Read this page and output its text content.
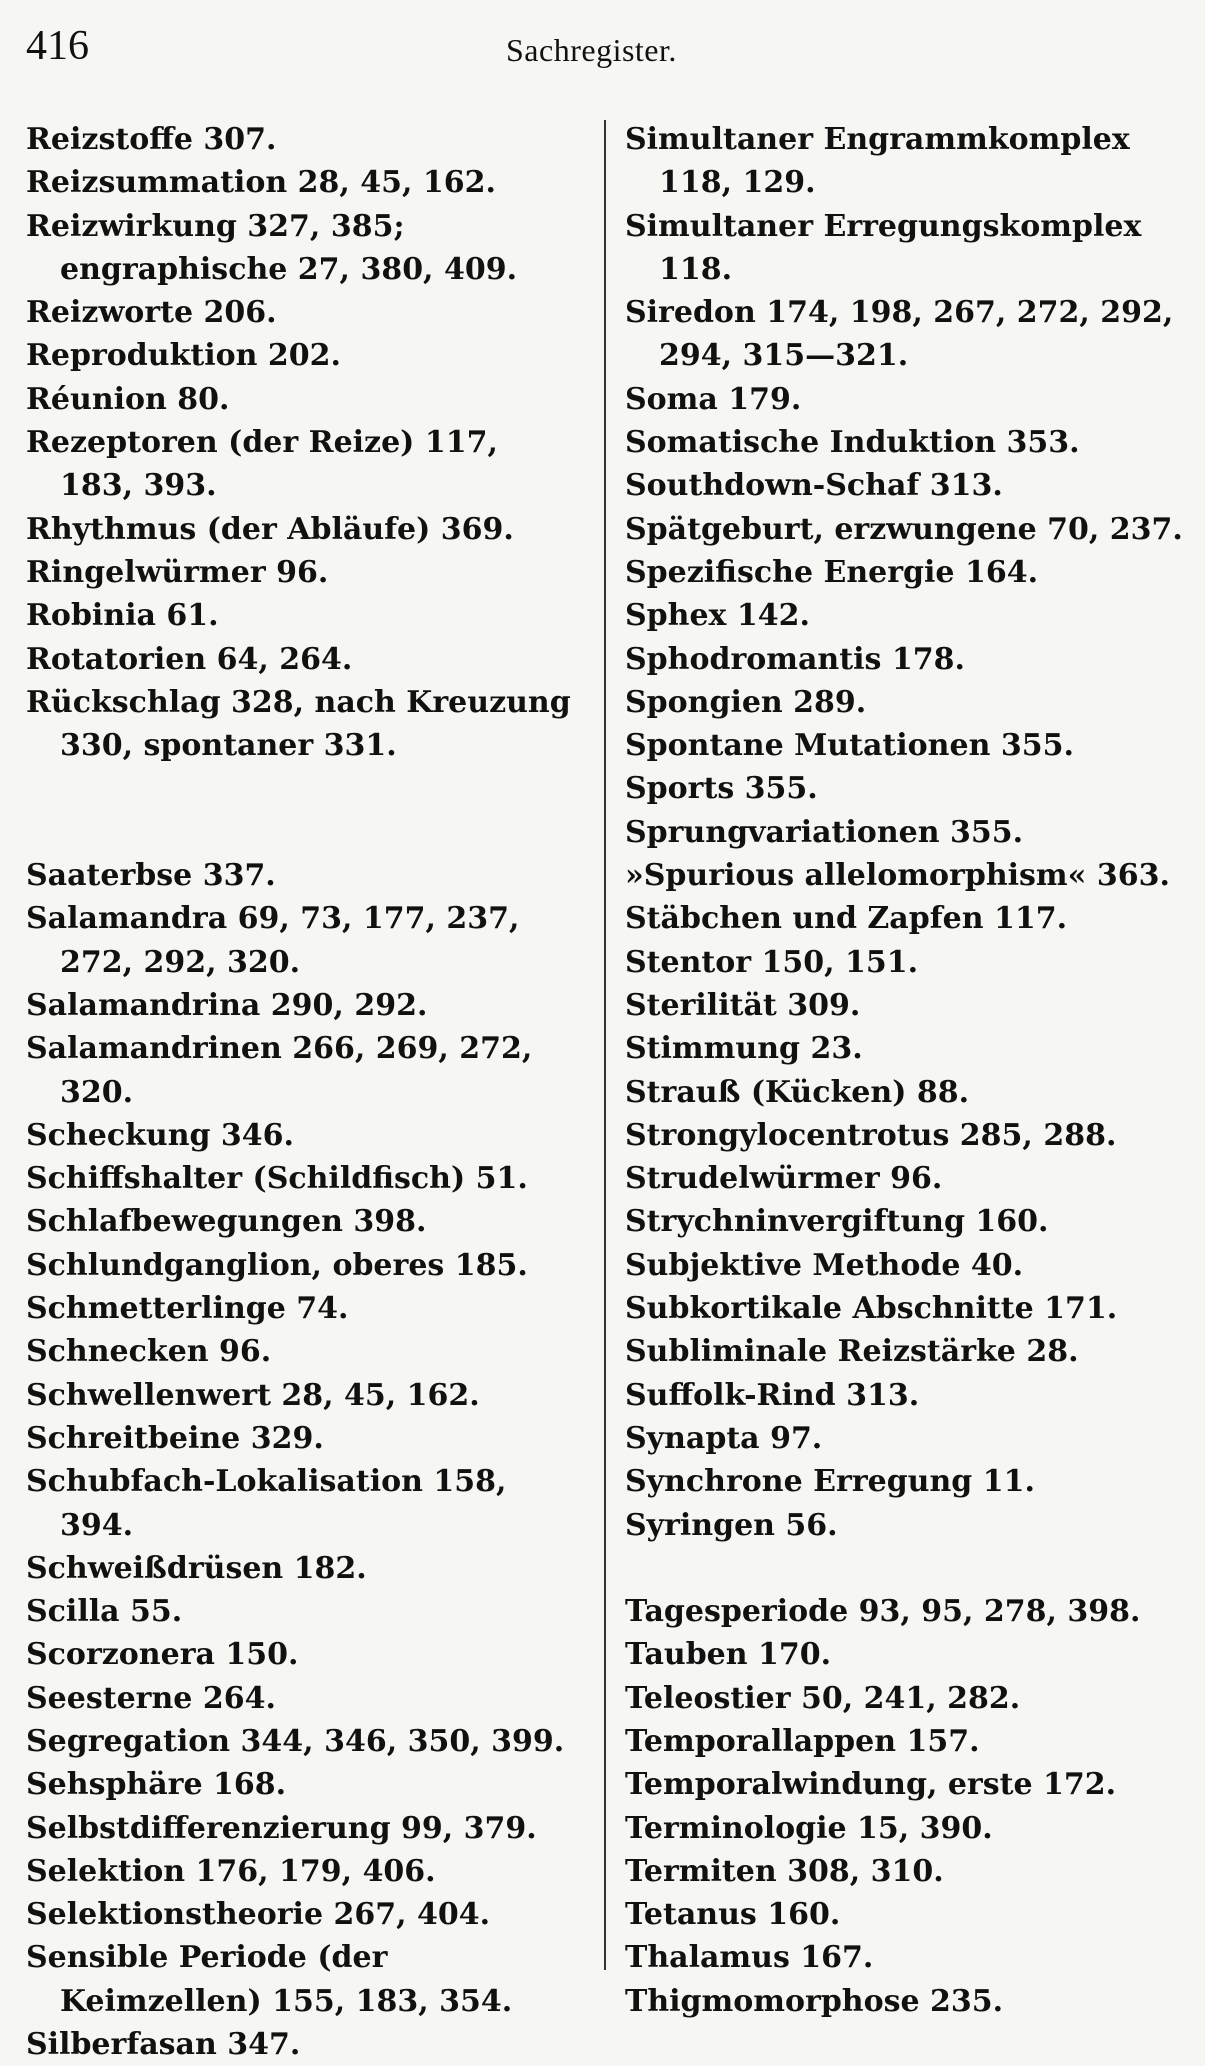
416	Sachregister.
Reizstoffe 307.
Reizsummation 28, 45, 162.
Reizwirkung 327, 385; engraphische 27, 380, 409.
Reizworte 206.
Reproduktion 202.
Réunion 80.
Rezeptoren (der Reize) 117, 183, 393.
Rhythmus (der Abläufe) 369.
Ringelwürmer 96.
Robinia 61.
Rotatorien 64, 264.
Rückschlag 328, nach Kreuzung 330, spontaner 331.
Saaterbse 337.
Salamandra 69, 73, 177, 237, 272, 292, 320.
Salamandrina 290, 292.
Salamandrinen 266, 269, 272, 320.
Scheckung 346.
Schiffshalter (Schildfisch) 51.
Schlafbewegungen 398.
Schlundganglion, oberes 185.
Schmetterlinge 74.
Schnecken 96.
Schwellenwert 28, 45, 162.
Schreitbeine 329.
Schubfach-Lokalisation 158, 394.
Schweißdrüsen 182.
Scilla 55.
Scorzonera 150.
Seesterne 264.
Segregation 344, 346, 350, 399.
Sehsphäre 168.
Selbstdifferenzierung 99, 379.
Selektion 176, 179, 406.
Selektionstheorie 267, 404.
Sensible Periode (der Keimzellen) 155, 183, 354.
Silberfasan 347.
Simultaner Engrammkomplex 118, 129.
Simultaner Erregungskomplex 118.
Siredon 174, 198, 267, 272, 292, 294, 315—321.
Soma 179.
Somatische Induktion 353.
Southdown-Schaf 313.
Spätgeburt, erzwungene 70, 237.
Spezifische Energie 164.
Sphex 142.
Sphodromantis 178.
Spongien 289.
Spontane Mutationen 355.
Sports 355.
Sprungvariationen 355.
»Spurious allelomorphism« 363.
Stäbchen und Zapfen 117.
Stentor 150, 151.
Sterilität 309.
Stimmung 23.
Strauß (Kücken) 88.
Strongylocentrotus 285, 288.
Strudelwürmer 96.
Strychninvergiftung 160.
Subjektive Methode 40.
Subkortikale Abschnitte 171.
Subliminale Reizstärke 28.
Suffolk-Rind 313.
Synapta 97.
Synchrone Erregung 11.
Syringen 56.
Tagesperiode 93, 95, 278, 398.
Tauben 170.
Teleostier 50, 241, 282.
Temporallappen 157.
Temporalwindung, erste 172.
Terminologie 15, 390.
Termiten 308, 310.
Tetanus 160.
Thalamus 167.
Thigmomorphose 235.
